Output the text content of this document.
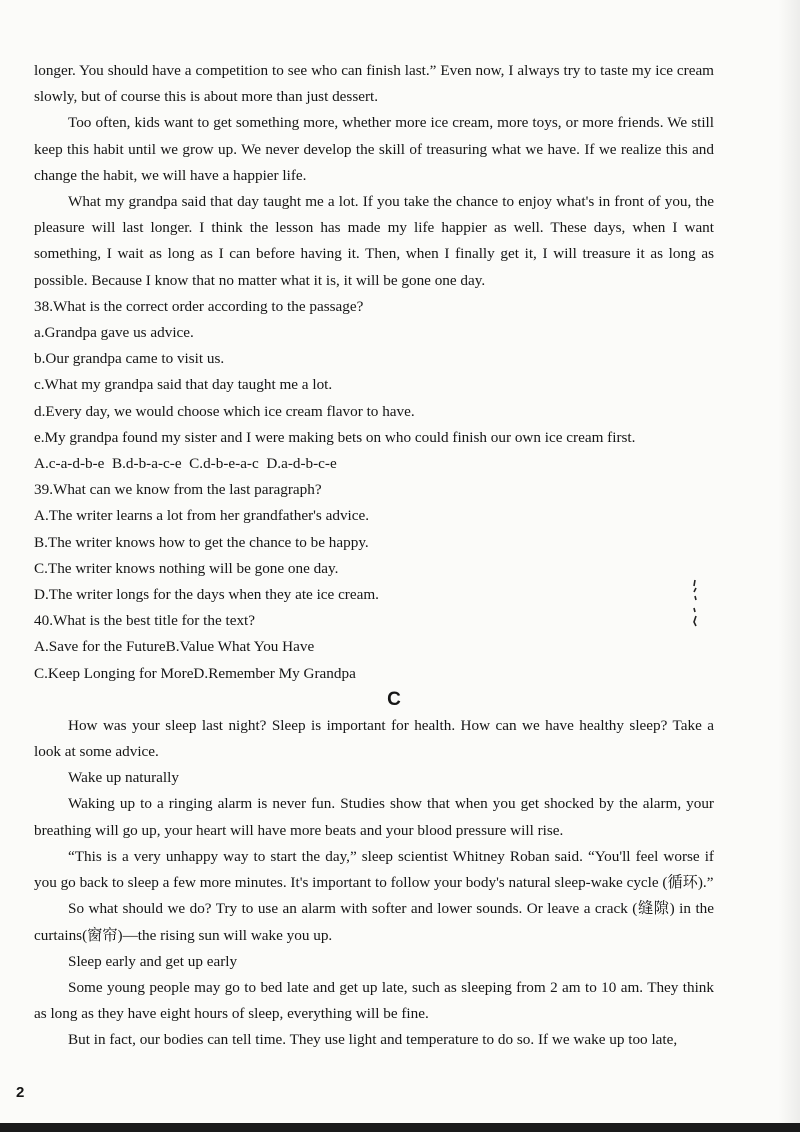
longer. You should have a competition to see who can finish last.” Even now, I always try to taste my ice cream slowly, but of course this is about more than just dessert.

Too often, kids want to get something more, whether more ice cream, more toys, or more friends. We still keep this habit until we grow up. We never develop the skill of treasuring what we have. If we realize this and change the habit, we will have a happier life.

What my grandpa said that day taught me a lot. If you take the chance to enjoy what's in front of you, the pleasure will last longer. I think the lesson has made my life happier as well. These days, when I want something, I wait as long as I can before having it. Then, when I finally get it, I will treasure it as long as possible. Because I know that no matter what it is, it will be gone one day.

38.What is the correct order according to the passage?

a.Grandpa gave us advice.

b.Our grandpa came to visit us.

c.What my grandpa said that day taught me a lot.

d.Every day, we would choose which ice cream flavor to have.

e.My grandpa found my sister and I were making bets on who could finish our own ice cream first.

A.c-a-d-b-e  B.d-b-a-c-e  C.d-b-e-a-c  D.a-d-b-c-e

39.What can we know from the last paragraph?

A.The writer learns a lot from her grandfather's advice.

B.The writer knows how to get the chance to be happy.

C.The writer knows nothing will be gone one day.

D.The writer longs for the days when they ate ice cream.

40.What is the best title for the text?

A.Save for the FutureB.Value What You Have

C.Keep Longing for MoreD.Remember My Grandpa

C

How was your sleep last night? Sleep is important for health. How can we have healthy sleep? Take a look at some advice.

Wake up naturally

Waking up to a ringing alarm is never fun. Studies show that when you get shocked by the alarm, your breathing will go up, your heart will have more beats and your blood pressure will rise.

“This is a very unhappy way to start the day,” sleep scientist Whitney Roban said. “You'll feel worse if you go back to sleep a few more minutes. It's important to follow your body's natural sleep-wake cycle (循环).”

So what should we do? Try to use an alarm with softer and lower sounds. Or leave a crack (缝隙) in the curtains(窗帘)—the rising sun will wake you up.

Sleep early and get up early

Some young people may go to bed late and get up late, such as sleeping from 2 am to 10 am. They think as long as they have eight hours of sleep, everything will be fine.

But in fact, our bodies can tell time. They use light and temperature to do so. If we wake up too late,

2
